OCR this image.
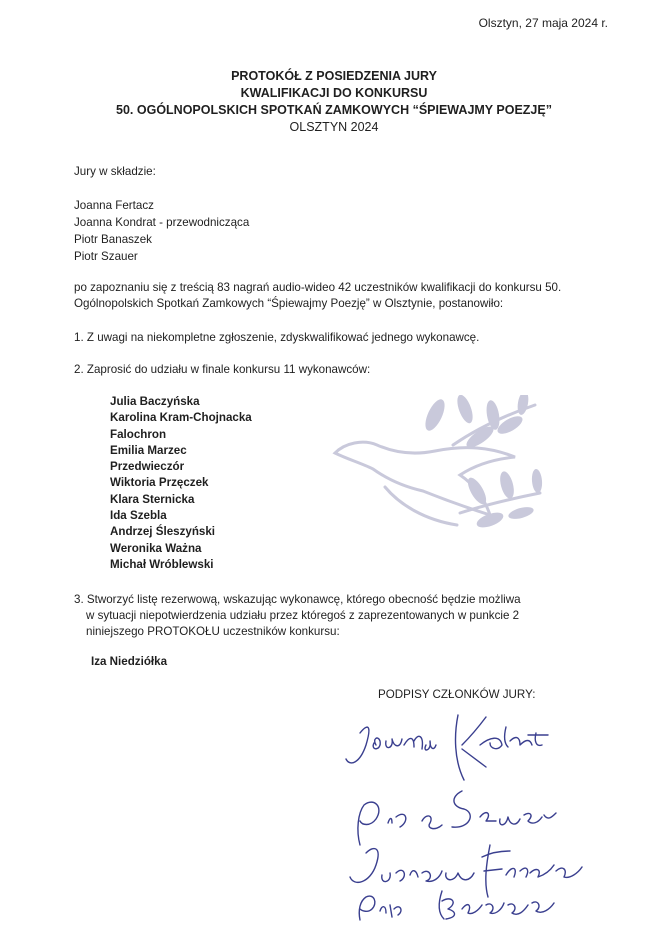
Olsztyn, 27 maja 2024 r.
PROTOKÓŁ Z POSIEDZENIA JURY
KWALIFIKACJI DO KONKURSU
50. OGÓLNOPOLSKICH SPOTKAŃ ZAMKOWYCH “ŚPIEWAJMY POEZJĘ”
OLSZTYN 2024
Jury w składzie:
Joanna Fertacz
Joanna Kondrat - przewodnicząca
Piotr Banaszek
Piotr Szauer
po zapoznaniu się z treścią 83 nagrań audio-wideo 42 uczestników kwalifikacji do konkursu 50. Ogólnopolskich Spotkań Zamkowych “Śpiewajmy Poezję” w Olsztynie, postanowiło:
1. Z uwagi na niekompletne zgłoszenie, zdyskwalifikować jednego wykonawcę.
2. Zaprosić do udziału w finale konkursu 11 wykonawców:
Julia Baczyńska
Karolina Kram-Chojnacka
Falochron
Emilia Marzec
Przedwieczór
Wiktoria Przęczek
Klara Sternicka
Ida Szebla
Andrzej Śleszyński
Weronika Ważna
Michał Wróblewski
3. Stworzyć listę rezerwową, wskazując wykonawcę, którego obecność będzie możliwa
w sytuacji niepotwierdzenia udziału przez któregoś z zaprezentowanych w punkcie 2
niniejszego PROTOKOŁU uczestników konkursu:
Iza Niedziółka
PODPISY CZŁONKÓW JURY:
